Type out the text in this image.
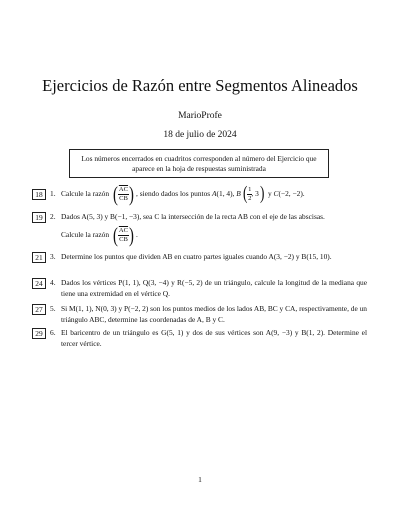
Ejercicios de Razón entre Segmentos Alineados
MarioProfe
18 de julio de 2024
Los números encerrados en cuadritos corresponden al número del Ejercicio que aparece en la hoja de respuestas suministrada
18 1. Calcule la razón ( $\frac{\overline{AC}}{CB}$ ) , siendo dados los puntos A(1, 4), B ( $\frac{1}{2}$ , 3 ) y C(−2, −2).
19 2. Dados A(5, 3) y B(−1, −3), sea C la intersección de la recta AB con el eje de las abscisas.
Calcule la razón ( $\frac{\overline{AC}}{CB}$ ) .
21 3. Determine los puntos que dividen AB en cuatro partes iguales cuando A(3, −2) y B(15, 10).
24 4. Dados los vértices P(1, 1), Q(3, −4) y R(−5, 2) de un triángulo, calcule la longitud de la mediana que tiene una extremidad en el vértice Q.
27 5. Si M(1, 1), N(0, 3) y P(−2, 2) son los puntos medios de los lados AB, BC y CA, respectivamente, de un triángulo ABC, determine las coordenadas de A, B y C.
29 6. El baricentro de un triángulo es G(5, 1) y dos de sus vértices son A(9, −3) y B(1, 2). Determine el tercer vértice.
1
